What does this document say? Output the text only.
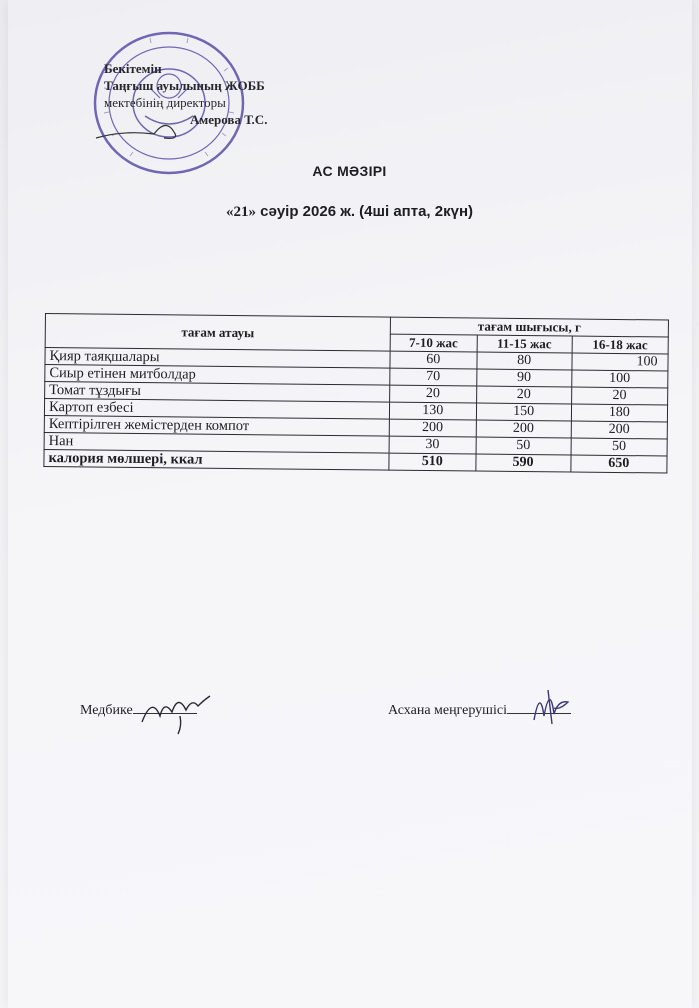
Бекітемін
Таңғыш ауылының ЖОББ
мектебінің директоры
Амерова Т.С.
АС МӘЗІРІ
«21» сәуір 2026 ж. (4ші апта, 2күн)
тағам атауы	тағам шығысы, г		
	7-10 жас	11-15 жас	16-18 жас
Қияр таяқшалары	60	80	100
Сиыр етінен митболдар	70	90	100
Томат тұздығы	20	20	20
Картоп езбесі	130	150	180
Кептірілген жемістерден компот	200	200	200
Нан	30	50	50
калория мөлшері, ккал	510	590	650
Медбике	Асхана меңгерушісі
